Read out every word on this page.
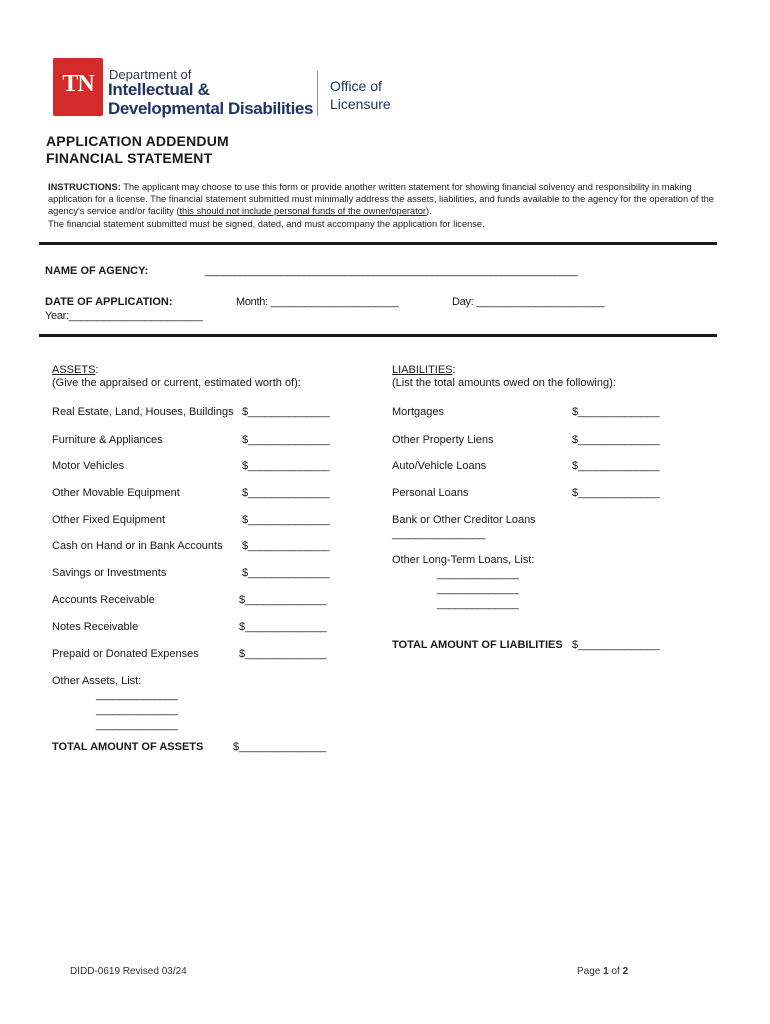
TN	Department of
Intellectual &
Developmental Disabilities
Office of
Licensure
APPLICATION ADDENDUM
FINANCIAL STATEMENT
INSTRUCTIONS: The applicant may choose to use this form or provide another written statement for showing financial solvency and responsibility in making application for a license. The financial statement submitted must minimally address the assets, liabilities, and funds available to the agency for the operation of the agency's service and/or facility (this should not include personal funds of the owner/operator).
The financial statement submitted must be signed, dated, and must accompany the application for license.
NAME OF AGENCY:	________________________________________________________________
DATE OF APPLICATION:	Month: ______________________	Day: ______________________
Year:_______________________
ASSETS:
(Give the appraised or current, estimated worth of):
Real Estate, Land, Houses, Buildings $______________
Furniture & Appliances	$______________
Motor Vehicles	$______________
Other Movable Equipment	$______________
Other Fixed Equipment	$______________
Cash on Hand or in Bank Accounts $______________
Savings or Investments	$______________
Accounts Receivable	$______________
Notes Receivable	$______________
Prepaid or Donated Expenses	$______________
Other Assets, List:
______________
______________
______________
TOTAL AMOUNT OF ASSETS	$_______________
LIABILITIES:
(List the total amounts owed on the following):
Mortgages	$______________
Other Property Liens	$______________
Auto/Vehicle Loans	$______________
Personal Loans	$______________
Bank or Other Creditor Loans
________________
Other Long-Term Loans, List:
______________
______________
______________
TOTAL AMOUNT OF LIABILITIES $______________
DIDD-0619 Revised 03/24	Page 1 of 2
